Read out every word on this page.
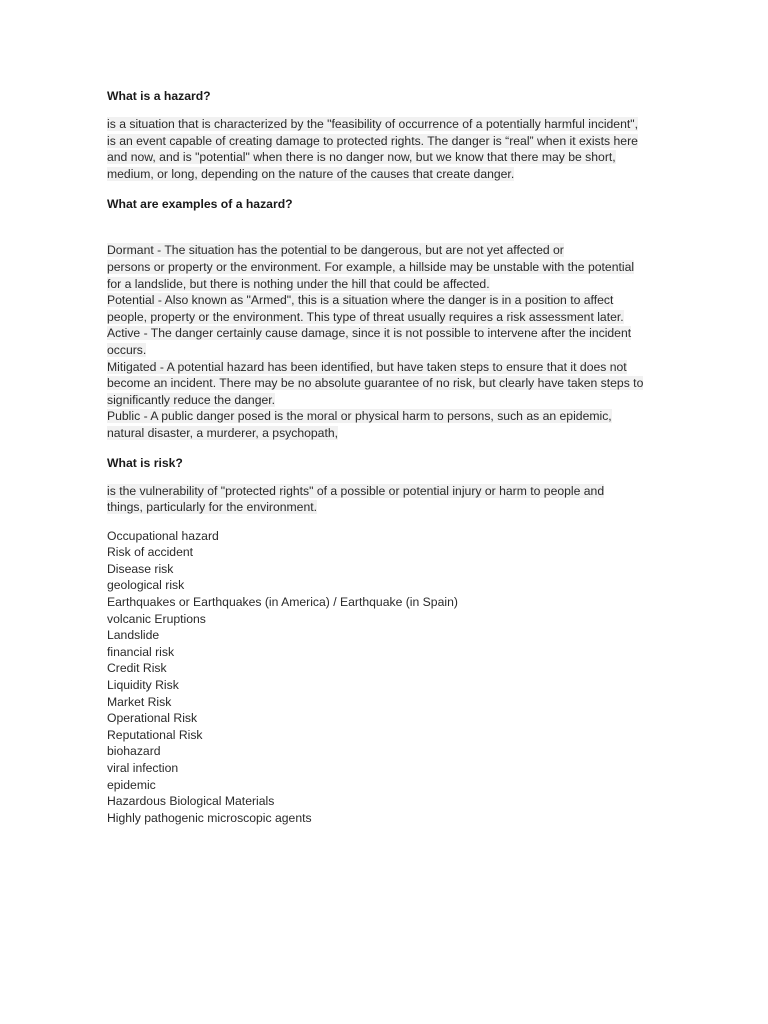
What is a hazard?
is a situation that is characterized by the "feasibility of occurrence of a potentially harmful incident",
is an event capable of creating damage to protected rights. The danger is “real” when it exists here
and now, and is "potential" when there is no danger now, but we know that there may be short,
medium, or long, depending on the nature of the causes that create danger.
What are examples of a hazard?
Dormant - The situation has the potential to be dangerous, but are not yet affected or
persons or property or the environment. For example, a hillside may be unstable with the potential
for a landslide, but there is nothing under the hill that could be affected.
Potential - Also known as "Armed", this is a situation where the danger is in a position to affect
people, property or the environment. This type of threat usually requires a risk assessment later.
Active - The danger certainly cause damage, since it is not possible to intervene after the incident
occurs.
Mitigated - A potential hazard has been identified, but have taken steps to ensure that it does not
become an incident. There may be no absolute guarantee of no risk, but clearly have taken steps to
significantly reduce the danger.
Public - A public danger posed is the moral or physical harm to persons, such as an epidemic,
natural disaster, a murderer, a psychopath,
What is risk?
is the vulnerability of "protected rights" of a possible or potential injury or harm to people and
things, particularly for the environment.
Occupational hazard
Risk of accident
Disease risk
geological risk
Earthquakes or Earthquakes (in America) / Earthquake (in Spain)
volcanic Eruptions
Landslide
financial risk
Credit Risk
Liquidity Risk
Market Risk
Operational Risk
Reputational Risk
biohazard
viral infection
epidemic
Hazardous Biological Materials
Highly pathogenic microscopic agents
